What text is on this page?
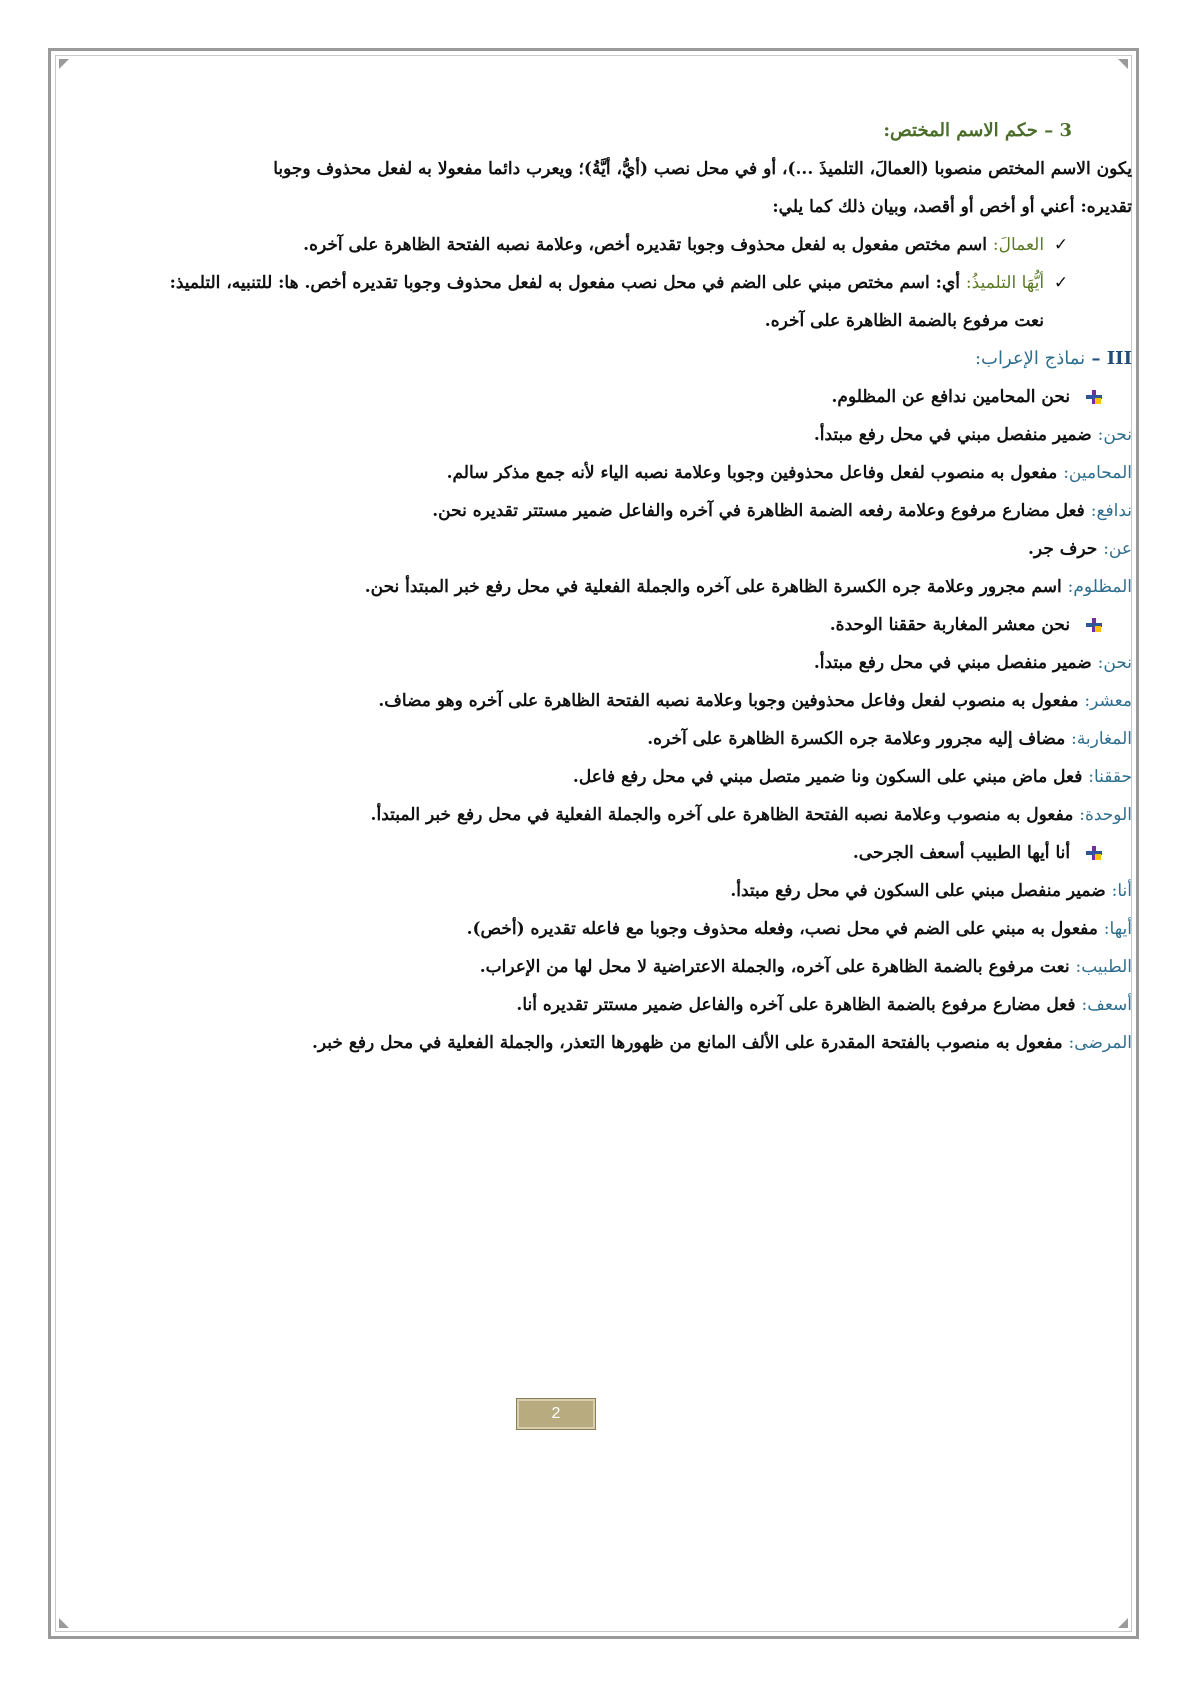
3 – حكم الاسم المختص:
يكون الاسم المختص منصوبا (العمالَ، التلميذَ ...)، أو في محل نصب (أيُّ، أيَّةُ)؛ ويعرب دائما مفعولا به لفعل محذوف وجوبا
تقديره: أعني أو أخص أو أقصد، وبيان ذلك كما يلي:
✓ العمالَ: اسم مختص مفعول به لفعل محذوف وجوبا تقديره أخص، وعلامة نصبه الفتحة الظاهرة على آخره.
✓ أيُّهَا التلميذُ: أي: اسم مختص مبني على الضم في محل نصب مفعول به لفعل محذوف وجوبا تقديره أخص. ها: للتنبيه، التلميذ:
نعت مرفوع بالضمة الظاهرة على آخره.
III – نماذج الإعراب:
نحن المحامين ندافع عن المظلوم.
نحن: ضمير منفصل مبني في محل رفع مبتدأ.
المحامين: مفعول به منصوب لفعل وفاعل محذوفين وجوبا وعلامة نصبه الياء لأنه جمع مذكر سالم.
ندافع: فعل مضارع مرفوع وعلامة رفعه الضمة الظاهرة في آخره والفاعل ضمير مستتر تقديره نحن.
عن: حرف جر.
المظلوم: اسم مجرور وعلامة جره الكسرة الظاهرة على آخره والجملة الفعلية في محل رفع خبر المبتدأ نحن.
نحن معشر المغاربة حققنا الوحدة.
نحن: ضمير منفصل مبني في محل رفع مبتدأ.
معشر: مفعول به منصوب لفعل وفاعل محذوفين وجوبا وعلامة نصبه الفتحة الظاهرة على آخره وهو مضاف.
المغاربة: مضاف إليه مجرور وعلامة جره الكسرة الظاهرة على آخره.
حققنا: فعل ماض مبني على السكون ونا ضمير متصل مبني في محل رفع فاعل.
الوحدة: مفعول به منصوب وعلامة نصبه الفتحة الظاهرة على آخره والجملة الفعلية في محل رفع خبر المبتدأ.
أنا أيها الطبيب أسعف الجرحى.
أنا: ضمير منفصل مبني على السكون في محل رفع مبتدأ.
أيها: مفعول به مبني على الضم في محل نصب، وفعله محذوف وجوبا مع فاعله تقديره (أخص).
الطبيب: نعت مرفوع بالضمة الظاهرة على آخره، والجملة الاعتراضية لا محل لها من الإعراب.
أسعف: فعل مضارع مرفوع بالضمة الظاهرة على آخره والفاعل ضمير مستتر تقديره أنا.
المرضى: مفعول به منصوب بالفتحة المقدرة على الألف المانع من ظهورها التعذر، والجملة الفعلية في محل رفع خبر.
2
